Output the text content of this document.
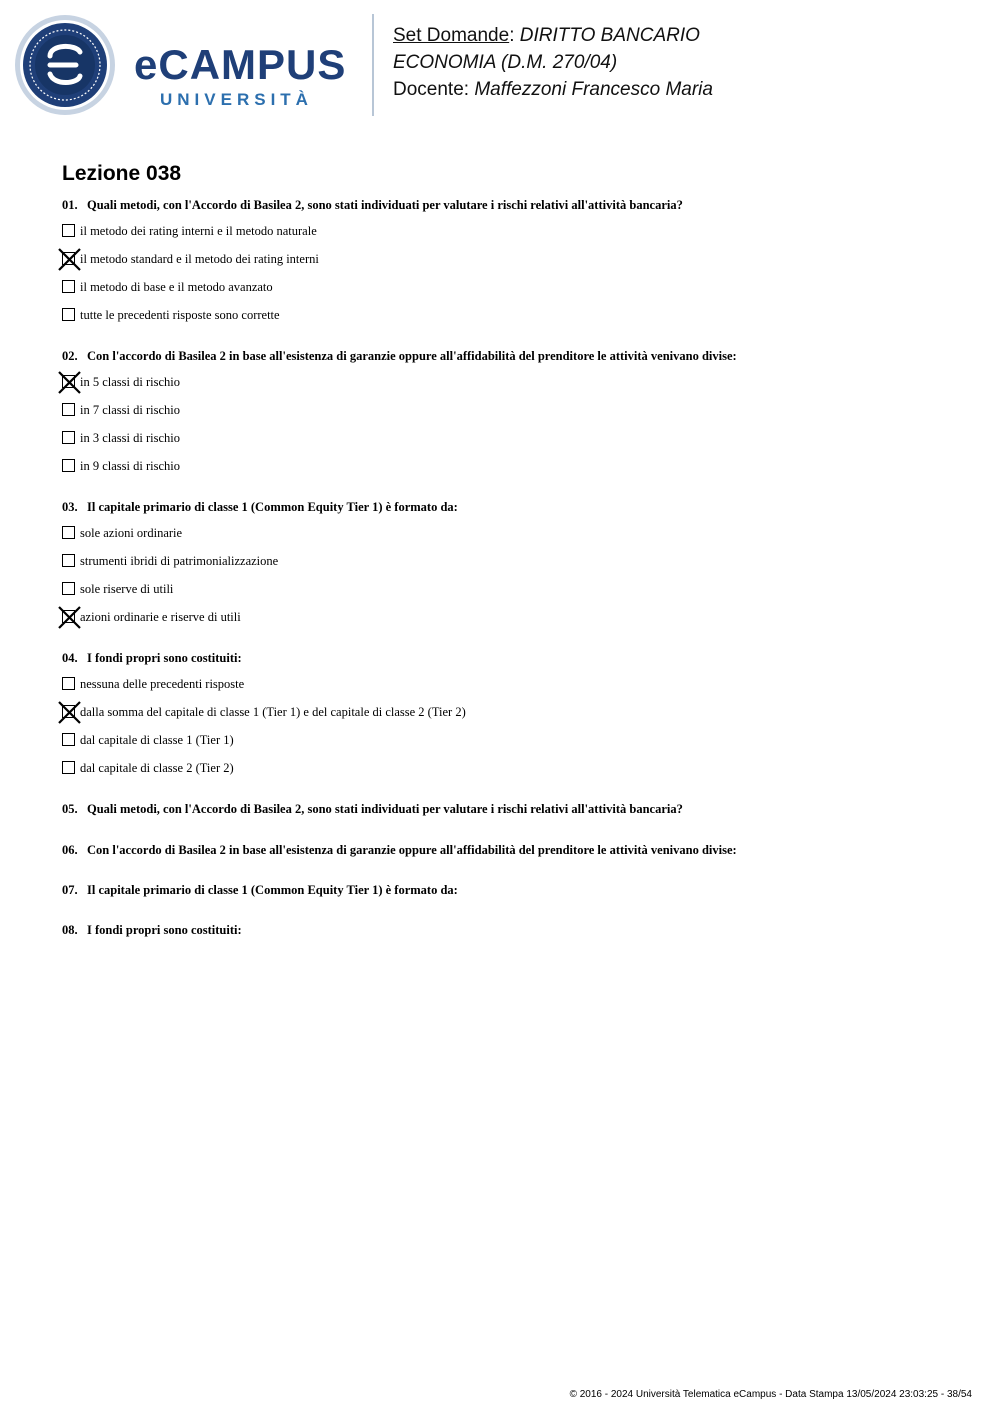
eCAMPUS
UNIVERSITÀ
Set Domande: DIRITTO BANCARIO
ECONOMIA (D.M. 270/04)
Docente: Maffezzoni Francesco Maria
Lezione 038
01. Quali metodi, con l'Accordo di Basilea 2, sono stati individuati per valutare i rischi relativi all'attività bancaria?
il metodo dei rating interni e il metodo naturale
il metodo standard e il metodo dei rating interni
il metodo di base e il metodo avanzato
tutte le precedenti risposte sono corrette
02. Con l'accordo di Basilea 2 in base all'esistenza di garanzie oppure all'affidabilità del prenditore le attività venivano divise:
in 5 classi di rischio
in 7 classi di rischio
in 3 classi di rischio
in 9 classi di rischio
03. Il capitale primario di classe 1 (Common Equity Tier 1) è formato da:
sole azioni ordinarie
strumenti ibridi di patrimonializzazione
sole riserve di utili
azioni ordinarie e riserve di utili
04. I fondi propri sono costituiti:
nessuna delle precedenti risposte
dalla somma del capitale di classe 1 (Tier 1) e del capitale di classe 2 (Tier 2)
dal capitale di classe 1 (Tier 1)
dal capitale di classe 2 (Tier 2)
05. Quali metodi, con l'Accordo di Basilea 2, sono stati individuati per valutare i rischi relativi all'attività bancaria?
06. Con l'accordo di Basilea 2 in base all'esistenza di garanzie oppure all'affidabilità del prenditore le attività venivano divise:
07. Il capitale primario di classe 1 (Common Equity Tier 1) è formato da:
08. I fondi propri sono costituiti:
© 2016 - 2024 Università Telematica eCampus - Data Stampa 13/05/2024 23:03:25 - 38/54
